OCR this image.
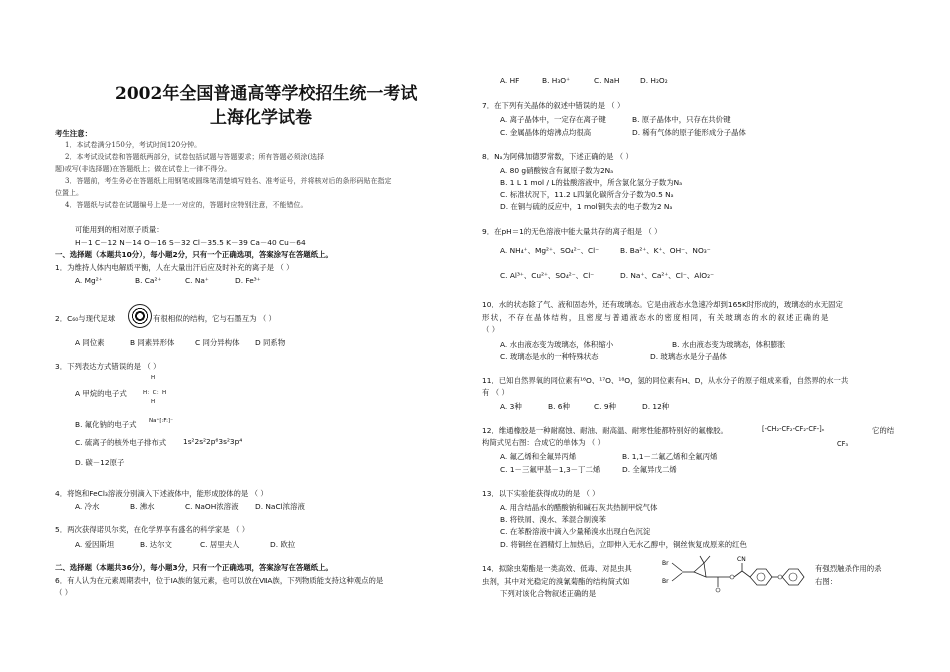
2002年全国普通高等学校招生统一考试
上海化学试卷
考生注意：
1．本试卷满分150分，考试时间120分钟。
2．本考试设试卷和答题纸两部分，试卷包括试题与答题要求；所有答题必须涂(选择
题)或写(非选择题)在答题纸上；做在试卷上一律不得分。
3．答题前，考生务必在答题纸上用钢笔或圆珠笔清楚填写姓名、准考证号，并将核对后的条形码贴在指定
位置上。
4．答题纸与试卷在试题编号上是一一对应的，答题时应特别注意，不能错位。
可能用到的相对原子质量：
H－1 C－12 N－14 O－16 S－32 Cl－35.5 K－39 Ca－40 Cu－64
一、选择题（本题共10分），每小题2分，只有一个正确选项，答案涂写在答题纸上。
1．为维持人体内电解质平衡，人在大量出汗后应及时补充的离子是 （ ）
A. Mg²⁺	B. Ca²⁺	C. Na⁺	D. Fe³⁺
2．C₆₀与现代足球	有很相似的结构，它与石墨互为 （ ）
A 同位素	B 同素异形体	C 同分异构体 D 同系物
3．下列表达方式错误的是 （ ）
H
A 甲烷的电子式	H：C：H
H
B. 氟化钠的电子式 Na⁺[:F:]⁻
C. 硫离子的核外电子排布式 1s²2s²2p⁶3s²3p⁴
D. 碳－12原子
4．将饱和FeCl₃溶液分别滴入下述液体中，能形成胶体的是 （ ）
A. 冷水	B. 沸水	C. NaOH浓溶液 D. NaCl浓溶液
5．两次获得诺贝尔奖，在化学界享有盛名的科学家是 （ ）
A. 爱因斯坦	B. 达尔文	C. 居里夫人	D. 欧拉
二、选择题（本题共36分），每小题3分，只有一个正确选项，答案涂写在答题纸上。
6．有人认为在元素周期表中，位于ⅠA族的氢元素，也可以放在ⅦA族，下列物质能支持这种观点的是
（ ）
A. HF	B. H₃O⁺	C. NaH	D. H₂O₂
7．在下列有关晶体的叙述中错误的是 （ ）
A. 离子晶体中，一定存在离子键	B. 原子晶体中，只存在共价键
C. 金属晶体的熔沸点均很高	D. 稀有气体的原子能形成分子晶体
8．Nₐ为阿佛加德罗常数，下述正确的是 （ ）
A. 80 g硝酸铵含有氮原子数为2Nₐ
B. 1 L 1 mol / L的盐酸溶液中，所含氯化氢分子数为Nₐ
C. 标准状况下，11.2 L四氯化碳所含分子数为0.5 Nₐ
D. 在铜与硫的反应中，1 mol铜失去的电子数为2 Nₐ
9．在pH＝1的无色溶液中能大量共存的离子组是 （ ）
A. NH₄⁺、Mg²⁺、SO₄²⁻、Cl⁻	B. Ba²⁺、K⁺、OH⁻、NO₃⁻
C. Al³⁺、Cu²⁺、SO₄²⁻、Cl⁻	D. Na⁺、Ca²⁺、Cl⁻、AlO₂⁻
10．水的状态除了气、液和固态外，还有玻璃态。它是由液态水急速冷却到165K时形成的，玻璃态的水无固定
形状，不存在晶体结构，且密度与普通液态水的密度相同，有关玻璃态的水的叙述正确的是
（ ）
A. 水由液态变为玻璃态，体积缩小	B. 水由液态变为玻璃态，体积膨胀
C. 玻璃态是水的一种特殊状态	D. 玻璃态水是分子晶体
11．已知自然界氧的同位素有¹⁶O、¹⁷O、¹⁸O，氢的同位素有H、D，从水分子的原子组成来看，自然界的水一共
有 （ ）
A. 3种	B. 6种	C. 9种	D. 12种
12．维通橡胶是一种耐腐蚀、耐油、耐高温、耐寒性能都特别好的氟橡胶。
构简式见右图：合成它的单体为 （ ）
[-CH₂-CF₂-CF₂-CF-]ₙ
CF₃
它的结
A. 氟乙烯和全氟异丙烯	B. 1,1－二氟乙烯和全氟丙烯
C. 1－三氟甲基－1,3－丁二烯	D. 全氟异戊二烯
13．以下实验能获得成功的是 （ ）
A. 用含结晶水的醋酸钠和碱石灰共热制甲烷气体
B. 将铁屑、溴水、苯混合制溴苯
C. 在苯酚溶液中滴入少量稀溴水出现白色沉淀
D. 将铜丝在酒精灯上加热后，立即伸入无水乙醇中，铜丝恢复成原来的红色
14．拟除虫菊酯是一类高效、低毒、对昆虫具
虫剂，其中对光稳定的溴氰菊酯的结构简式如
下列对该化合物叙述正确的是
有强烈触杀作用的杀
右图：
Br
Br
CN
